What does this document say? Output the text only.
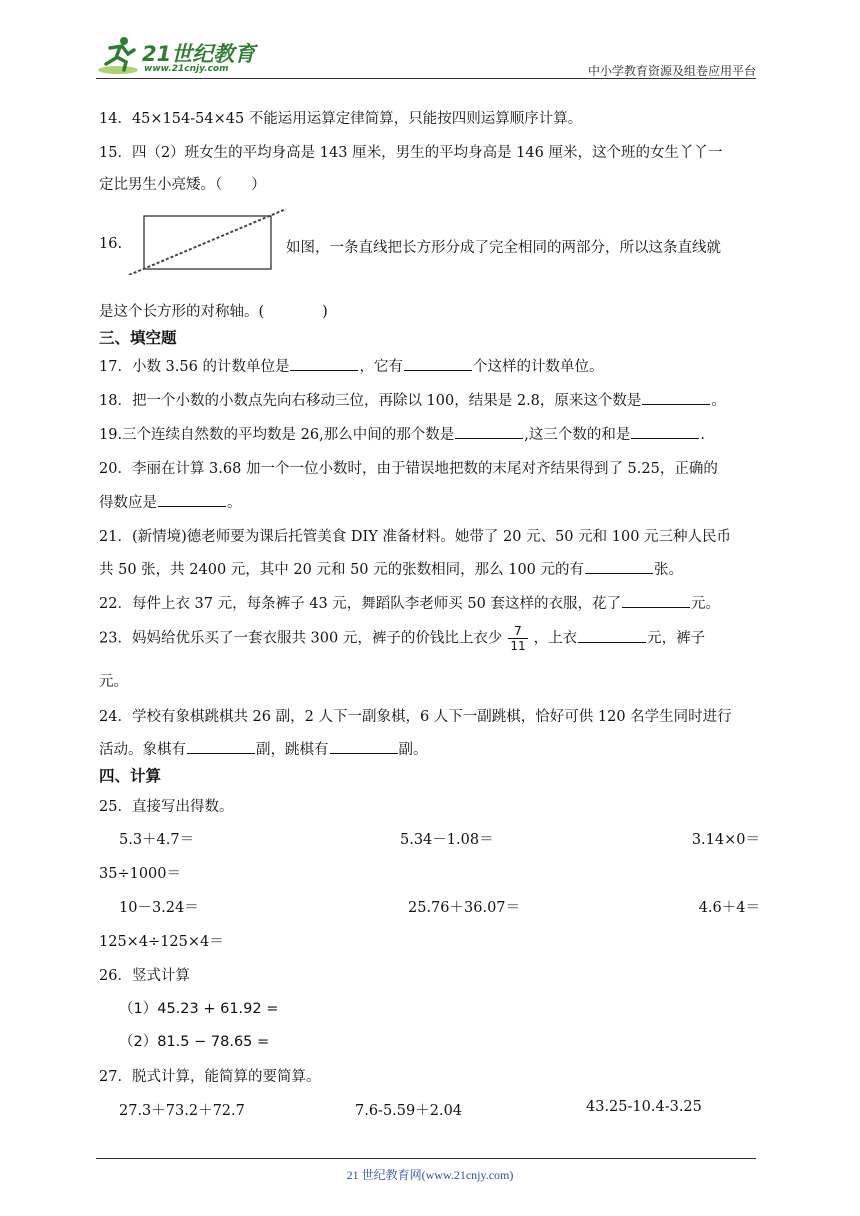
21世纪教育
www.21cnjy.com	中小学教育资源及组卷应用平台
14．45×154-54×45 不能运用运算定律简算，只能按四则运算顺序计算。
15．四（2）班女生的平均身高是 143 厘米，男生的平均身高是 146 厘米，这个班的女生丫丫一
定比男生小亮矮。（　　）
16.	如图，一条直线把长方形分成了完全相同的两部分，所以这条直线就
是这个长方形的对称轴。(　　　　)
三、填空题
17．小数 3.56 的计数单位是	，它有	个这样的计数单位。
18．把一个小数的小数点先向右移动三位，再除以 100，结果是 2.8，原来这个数是	。
19.三个连续自然数的平均数是 26,那么中间的那个数是	,这三个数的和是	.
20．李丽在计算 3.68 加一个一位小数时，由于错误地把数的末尾对齐结果得到了 5.25，正确的
得数应是	。
21．(新情境)德老师要为课后托管美食 DIY 准备材料。她带了 20 元、50 元和 100 元三种人民币
共 50 张，共 2400 元，其中 20 元和 50 元的张数相同，那么 100 元的有	张。
22．每件上衣 37 元，每条裤子 43 元，舞蹈队李老师买 50 套这样的衣服，花了	元。
23．妈妈给优乐买了一套衣服共 300 元，裤子的价钱比上衣少 $\frac{7}{11}$ ，上衣	元，裤子
元。
24．学校有象棋跳棋共 26 副，2 人下一副象棋，6 人下一副跳棋，恰好可供 120 名学生同时进行
活动。象棋有	副，跳棋有	副。
四、计算
25．直接写出得数。
5.3＋4.7＝	5.34－1.08＝	3.14×0＝
35÷1000＝
10－3.24＝	25.76＋36.07＝	4.6＋4＝
125×4÷125×4＝
26．竖式计算
（1）45.23 + 61.92 =
（2）81.5 − 78.65 =
27．脱式计算，能简算的要简算。
27.3＋73.2＋72.7	7.6-5.59＋2.04	43.25-10.4-3.25
21 世纪教育网(www.21cnjy.com)
